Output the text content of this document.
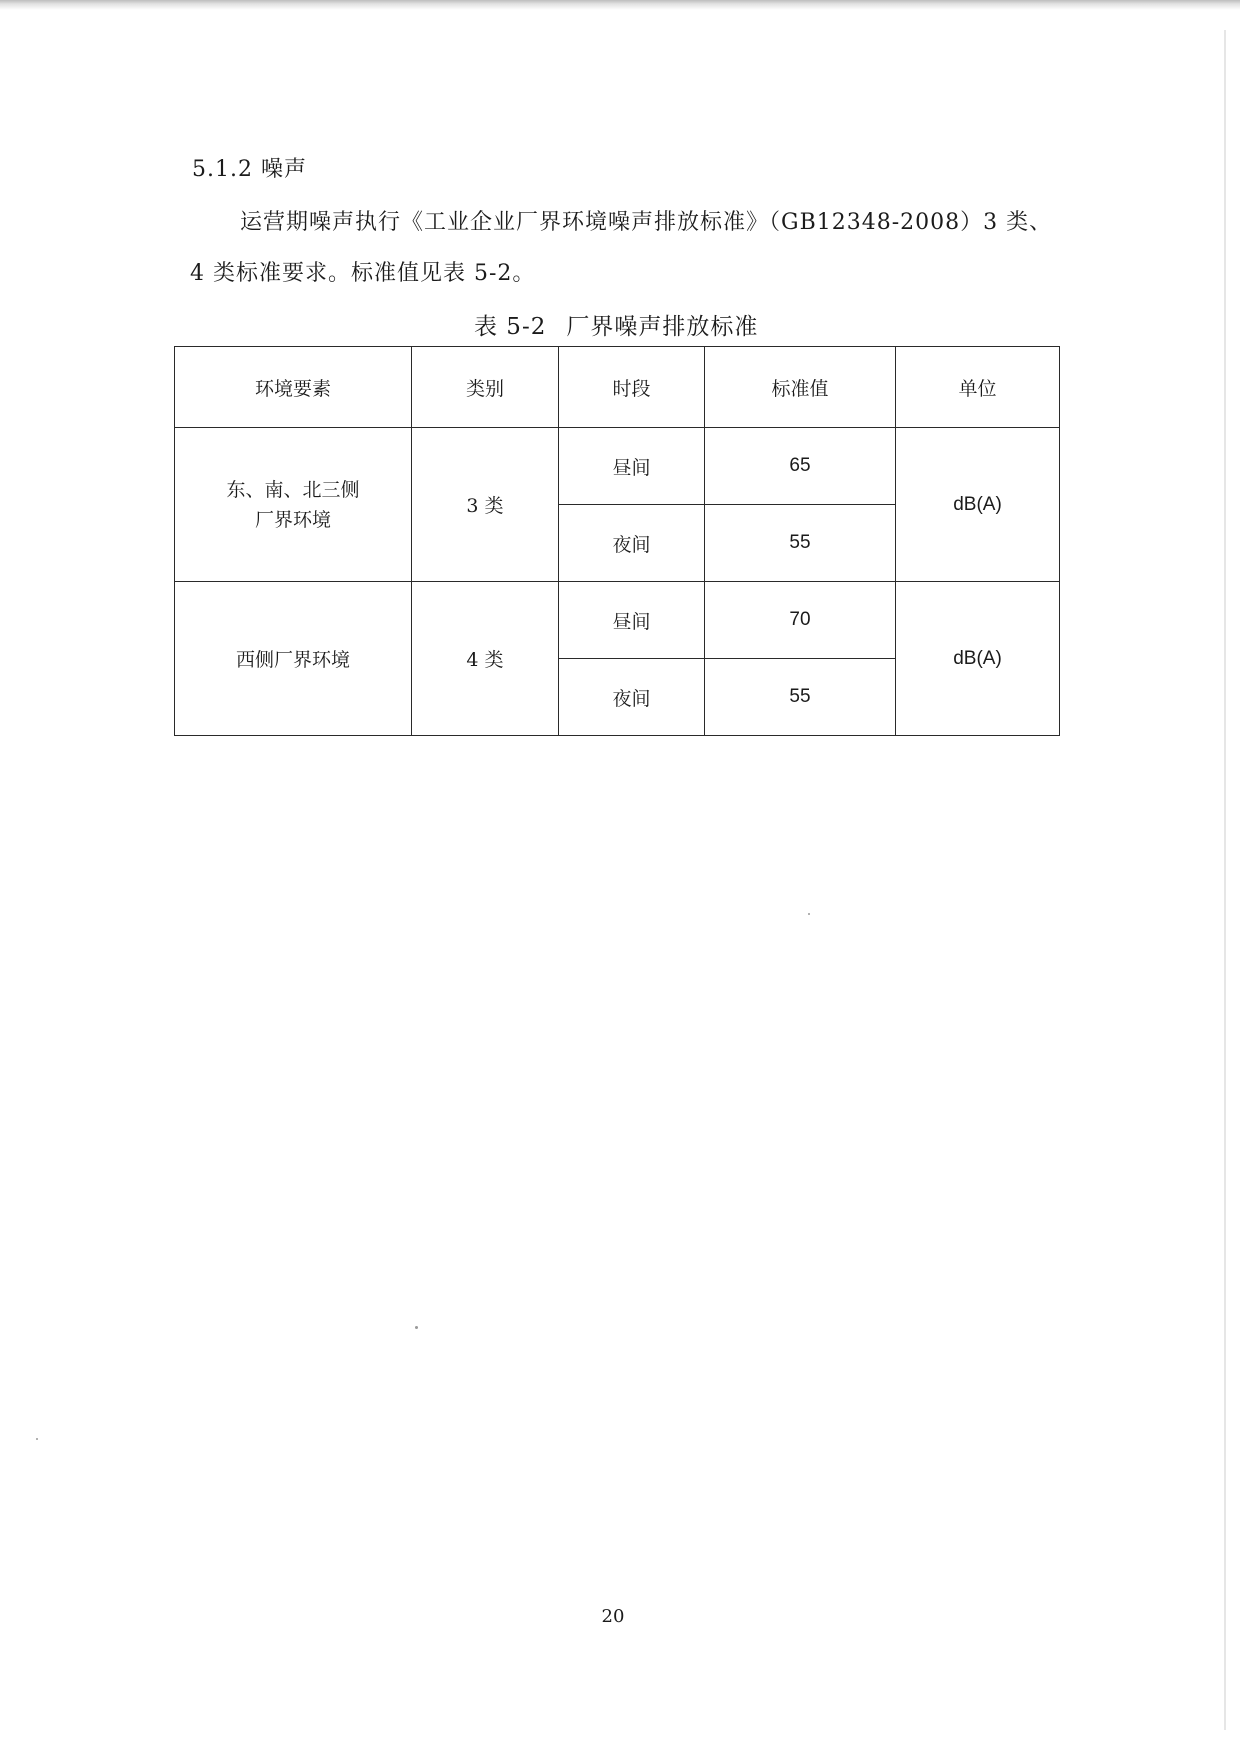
5.1.2 噪声
运营期噪声执行《工业企业厂界环境噪声排放标准》（GB12348-2008）3 类、
4 类标准要求。标准值见表 5-2。
表 5-2 厂界噪声排放标准
环境要素	类别	时段	标准值	单位

东、南、北三侧
厂界环境	3 类	昼间	65	dB(A)
		夜间	55	
西侧厂界环境	4 类	昼间	70	dB(A)
		夜间	55	
20
